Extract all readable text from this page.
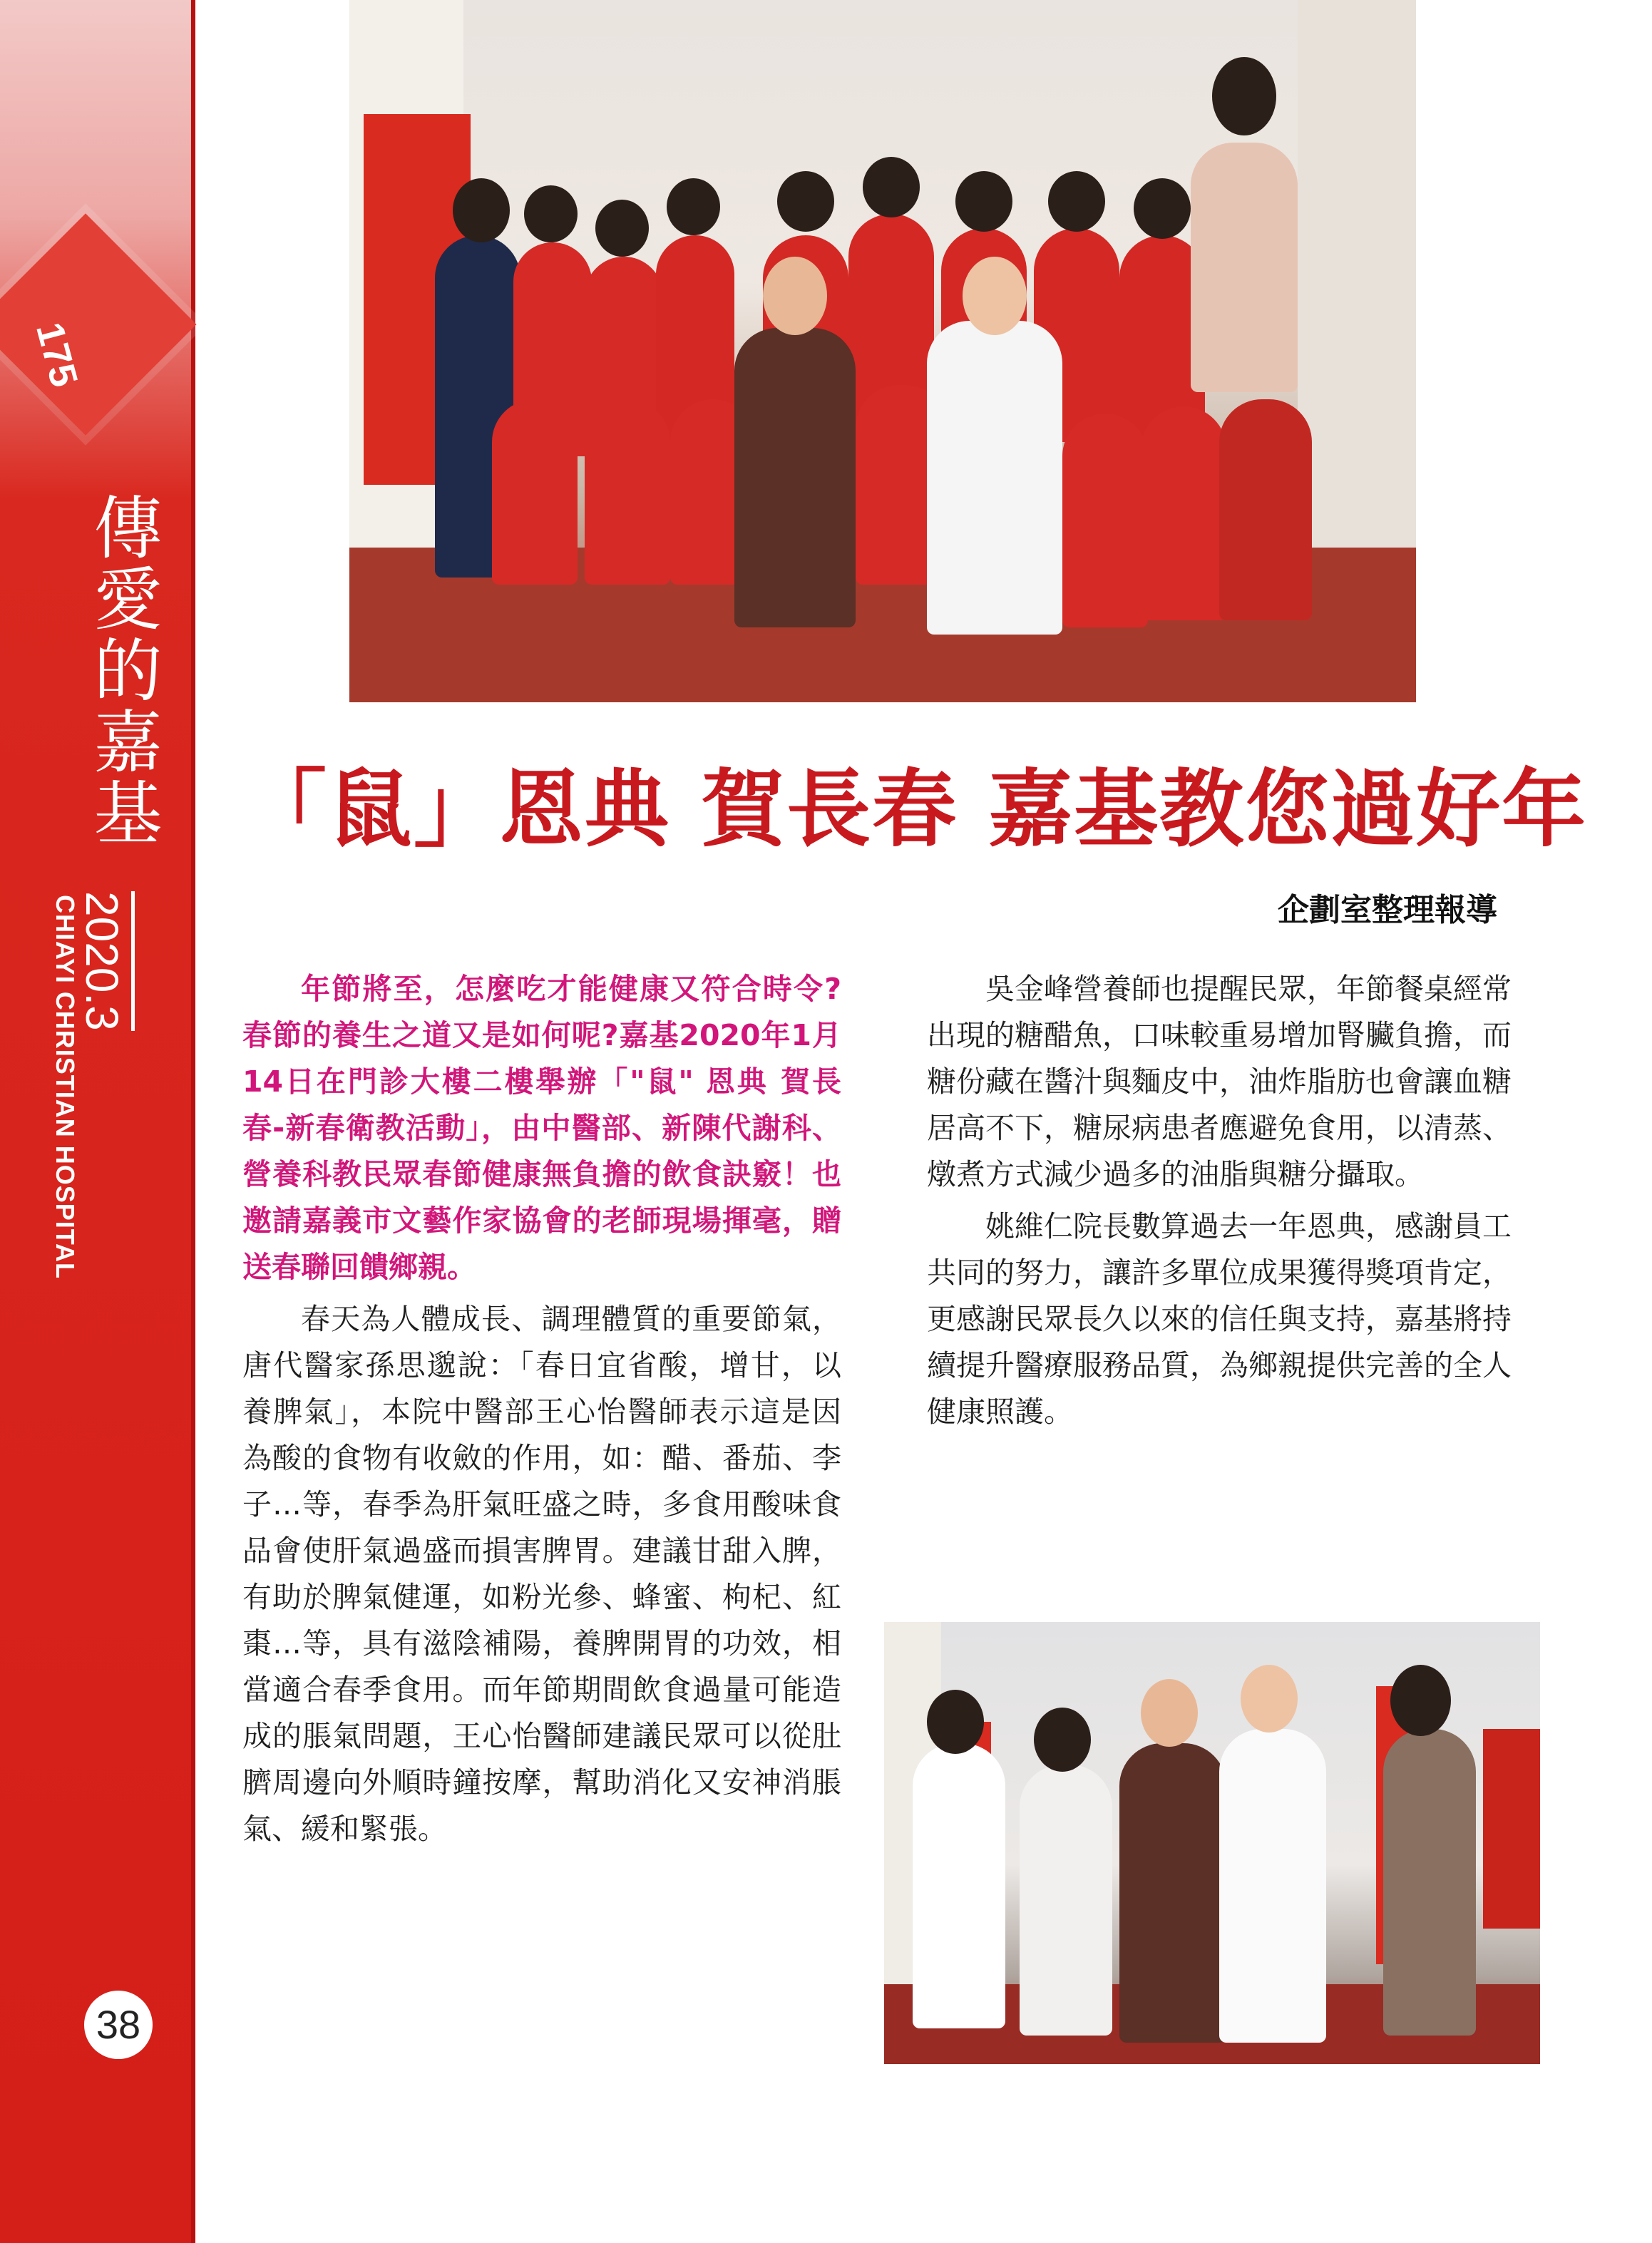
175
傳愛的嘉基
2020.3
CHIAYI CHRISTIAN HOSPITAL
38
「鼠」恩典 賀長春 嘉基教您過好年
企劃室整理報導

年節將至，怎麼吃才能健康又符合時令?春節的養生之道又是如何呢?嘉基2020年1月14日在門診大樓二樓舉辦「"鼠" 恩典 賀長春-新春衛教活動」，由中醫部、新陳代謝科、營養科教民眾春節健康無負擔的飲食訣竅！也邀請嘉義市文藝作家協會的老師現場揮毫，贈送春聯回饋鄉親。

春天為人體成長、調理體質的重要節氣，唐代醫家孫思邈說：「春日宜省酸，增甘，以養脾氣」，本院中醫部王心怡醫師表示這是因為酸的食物有收斂的作用，如：醋、番茄、李子…等，春季為肝氣旺盛之時，多食用酸味食品會使肝氣過盛而損害脾胃。建議甘甜入脾，有助於脾氣健運，如粉光參、蜂蜜、枸杞、紅棗…等，具有滋陰補陽，養脾開胃的功效，相當適合春季食用。而年節期間飲食過量可能造成的脹氣問題，王心怡醫師建議民眾可以從肚臍周邊向外順時鐘按摩，幫助消化又安神消脹氣、緩和緊張。

吳金峰營養師也提醒民眾，年節餐桌經常出現的糖醋魚，口味較重易增加腎臟負擔，而糖份藏在醬汁與麵皮中，油炸脂肪也會讓血糖居高不下，糖尿病患者應避免食用，以清蒸、燉煮方式減少過多的油脂與糖分攝取。

姚維仁院長數算過去一年恩典，感謝員工共同的努力，讓許多單位成果獲得獎項肯定，更感謝民眾長久以來的信任與支持，嘉基將持續提升醫療服務品質，為鄉親提供完善的全人健康照護。
